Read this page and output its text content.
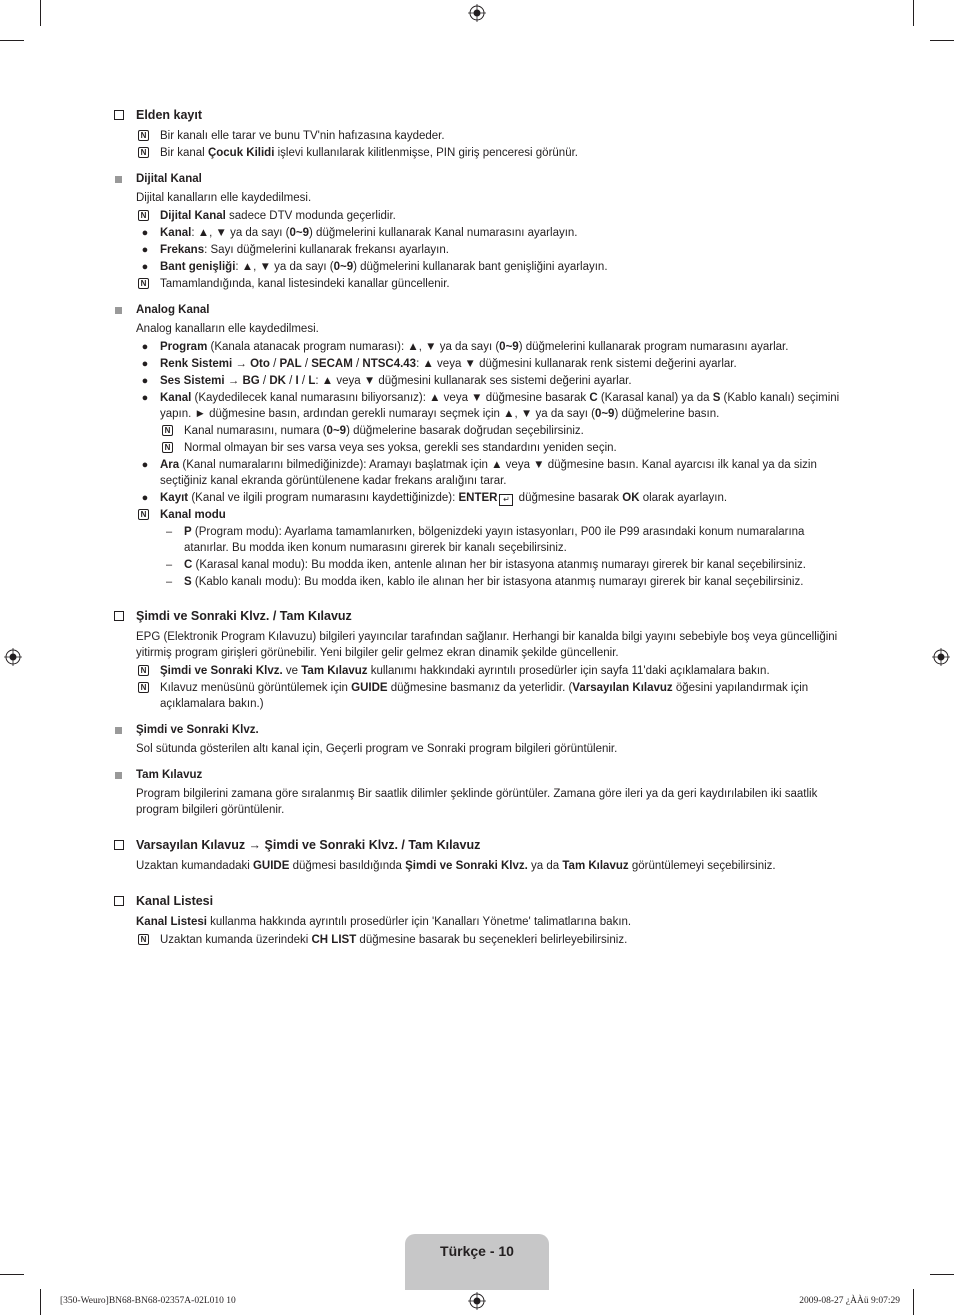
Elden kayıt
N Bir kanalı elle tarar ve bunu TV'nin hafızasına kaydeder.
N Bir kanal Çocuk Kilidi işlevi kullanılarak kilitlenmişse, PIN giriş penceresi görünür.
Dijital Kanal
Dijital kanalların elle kaydedilmesi.
N Dijital Kanal sadece DTV modunda geçerlidir.
●	Kanal: ▲, ▼ ya da sayı (0~9) düğmelerini kullanarak Kanal numarasını ayarlayın.
●	Frekans: Sayı düğmelerini kullanarak frekansı ayarlayın.
●	Bant genişliği: ▲, ▼ ya da sayı (0~9) düğmelerini kullanarak bant genişliğini ayarlayın.
N Tamamlandığında, kanal listesindeki kanallar güncellenir.
Analog Kanal
Analog kanalların elle kaydedilmesi.
●	Program (Kanala atanacak program numarası): ▲, ▼ ya da sayı (0~9) düğmelerini kullanarak program numarasını ayarlar.
●	Renk Sistemi → Oto / PAL / SECAM / NTSC4.43: ▲ veya ▼ düğmesini kullanarak renk sistemi değerini ayarlar.
●	Ses Sistemi → BG / DK / I / L: ▲ veya ▼ düğmesini kullanarak ses sistemi değerini ayarlar.
●	Kanal (Kaydedilecek kanal numarasını biliyorsanız): ▲ veya ▼ düğmesine basarak C (Karasal kanal) ya da S (Kablo kanalı) seçimini yapın. ► düğmesine basın, ardından gerekli numarayı seçmek için ▲, ▼ ya da sayı (0~9) düğmelerine basın.
N Kanal numarasını, numara (0~9) düğmelerine basarak doğrudan seçebilirsiniz.
N Normal olmayan bir ses varsa veya ses yoksa, gerekli ses standardını yeniden seçin.
●	Ara (Kanal numaralarını bilmediğinizde): Aramayı başlatmak için ▲ veya ▼ düğmesine basın. Kanal ayarcısı ilk kanal ya da sizin seçtiğiniz kanal ekranda görüntülenene kadar frekans aralığını tarar.
●	Kayıt (Kanal ve ilgili program numarasını kaydettiğinizde): ENTER ↵ düğmesine basarak OK olarak ayarlayın.
N Kanal modu
–	P (Program modu): Ayarlama tamamlanırken, bölgenizdeki yayın istasyonları, P00 ile P99 arasındaki konum numaralarına atanırlar. Bu modda iken konum numarasını girerek bir kanalı seçebilirsiniz.
–	C (Karasal kanal modu): Bu modda iken, antenle alınan her bir istasyona atanmış numarayı girerek bir kanal seçebilirsiniz.
–	S (Kablo kanalı modu): Bu modda iken, kablo ile alınan her bir istasyona atanmış numarayı girerek bir kanal seçebilirsiniz.
Şimdi ve Sonraki Klvz. / Tam Kılavuz
EPG (Elektronik Program Kılavuzu) bilgileri yayıncılar tarafından sağlanır. Herhangi bir kanalda bilgi yayını sebebiyle boş veya güncelliğini yitirmiş program girişleri görünebilir. Yeni bilgiler gelir gelmez ekran dinamik şekilde güncellenir.
N Şimdi ve Sonraki Klvz. ve Tam Kılavuz kullanımı hakkındaki ayrıntılı prosedürler için sayfa 11'daki açıklamalara bakın.
N Kılavuz menüsünü görüntülemek için GUIDE düğmesine basmanız da yeterlidir. (Varsayılan Kılavuz öğesini yapılandırmak için açıklamalara bakın.)
Şimdi ve Sonraki Klvz.
Sol sütunda gösterilen altı kanal için, Geçerli program ve Sonraki program bilgileri görüntülenir.
Tam Kılavuz
Program bilgilerini zamana göre sıralanmış Bir saatlik dilimler şeklinde görüntüler. Zamana göre ileri ya da geri kaydırılabilen iki saatlik program bilgileri görüntülenir.
Varsayılan Kılavuz → Şimdi ve Sonraki Klvz. / Tam Kılavuz
Uzaktan kumandadaki GUIDE düğmesi basıldığında Şimdi ve Sonraki Klvz. ya da Tam Kılavuz görüntülemeyi seçebilirsiniz.
Kanal Listesi
Kanal Listesi kullanma hakkında ayrıntılı prosedürler için 'Kanalları Yönetme' talimatlarına bakın.
N Uzaktan kumanda üzerindeki CH LIST düğmesine basarak bu seçenekleri belirleyebilirsiniz.
Türkçe - 10
[350-Weuro]BN68-BN68-02357A-02L010 10	2009-08-27 ¿ÀÀü 9:07:29
